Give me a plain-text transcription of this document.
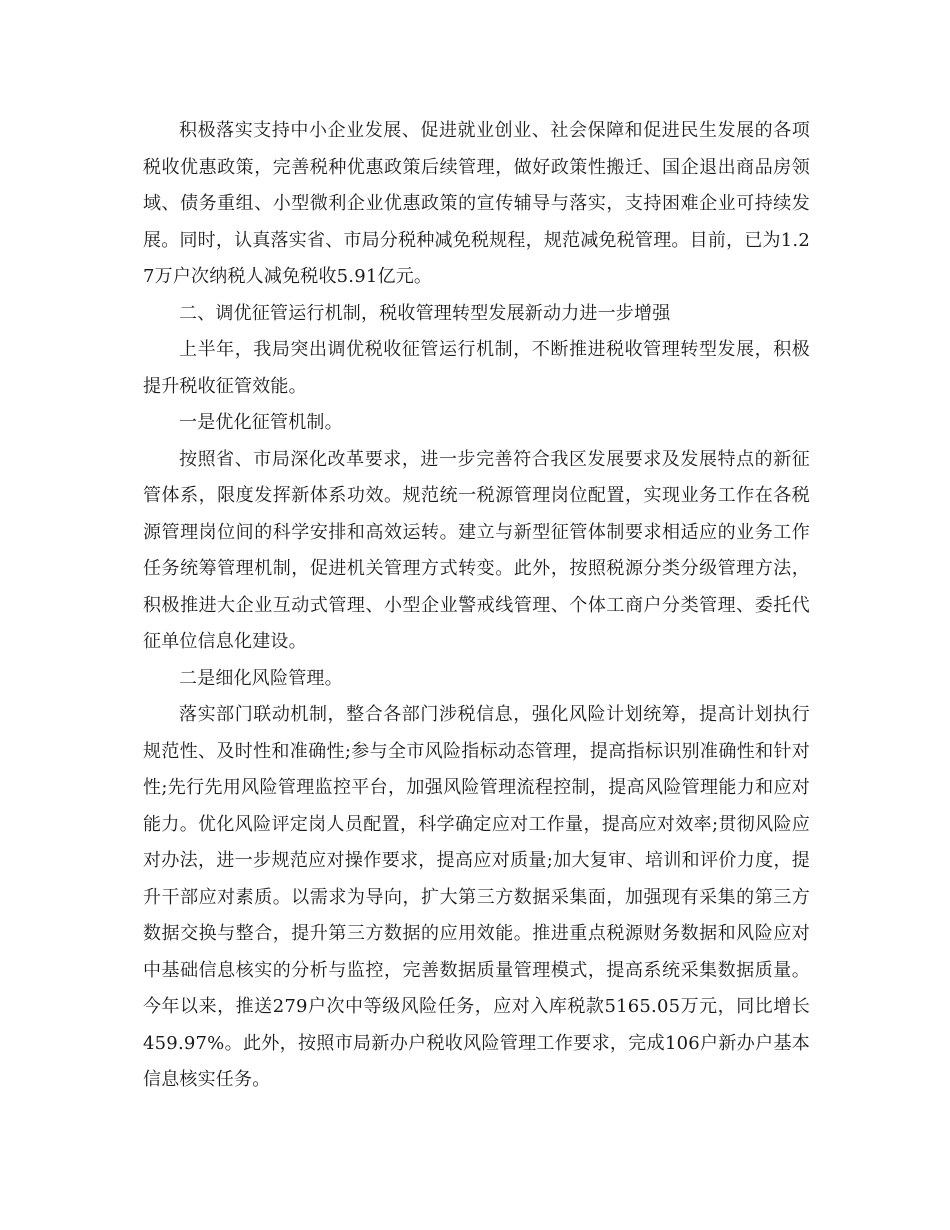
积极落实支持中小企业发展、促进就业创业、社会保障和促进民生发展的各项税收优惠政策，完善税种优惠政策后续管理，做好政策性搬迁、国企退出商品房领域、债务重组、小型微利企业优惠政策的宣传辅导与落实，支持困难企业可持续发展。同时，认真落实省、市局分税种减免税规程，规范减免税管理。目前，已为1.27万户次纳税人减免税收5.91亿元。

二、调优征管运行机制，税收管理转型发展新动力进一步增强

上半年，我局突出调优税收征管运行机制，不断推进税收管理转型发展，积极提升税收征管效能。

一是优化征管机制。

按照省、市局深化改革要求，进一步完善符合我区发展要求及发展特点的新征管体系，限度发挥新体系功效。规范统一税源管理岗位配置，实现业务工作在各税源管理岗位间的科学安排和高效运转。建立与新型征管体制要求相适应的业务工作任务统筹管理机制，促进机关管理方式转变。此外，按照税源分类分级管理方法，积极推进大企业互动式管理、小型企业警戒线管理、个体工商户分类管理、委托代征单位信息化建设。

二是细化风险管理。

落实部门联动机制，整合各部门涉税信息，强化风险计划统筹，提高计划执行规范性、及时性和准确性;参与全市风险指标动态管理，提高指标识别准确性和针对性;先行先用风险管理监控平台，加强风险管理流程控制，提高风险管理能力和应对能力。优化风险评定岗人员配置，科学确定应对工作量，提高应对效率;贯彻风险应对办法，进一步规范应对操作要求，提高应对质量;加大复审、培训和评价力度，提升干部应对素质。以需求为导向，扩大第三方数据采集面，加强现有采集的第三方数据交换与整合，提升第三方数据的应用效能。推进重点税源财务数据和风险应对中基础信息核实的分析与监控，完善数据质量管理模式，提高系统采集数据质量。今年以来，推送279户次中等级风险任务，应对入库税款5165.05万元，同比增长459.97%。此外，按照市局新办户税收风险管理工作要求，完成106户新办户基本信息核实任务。
